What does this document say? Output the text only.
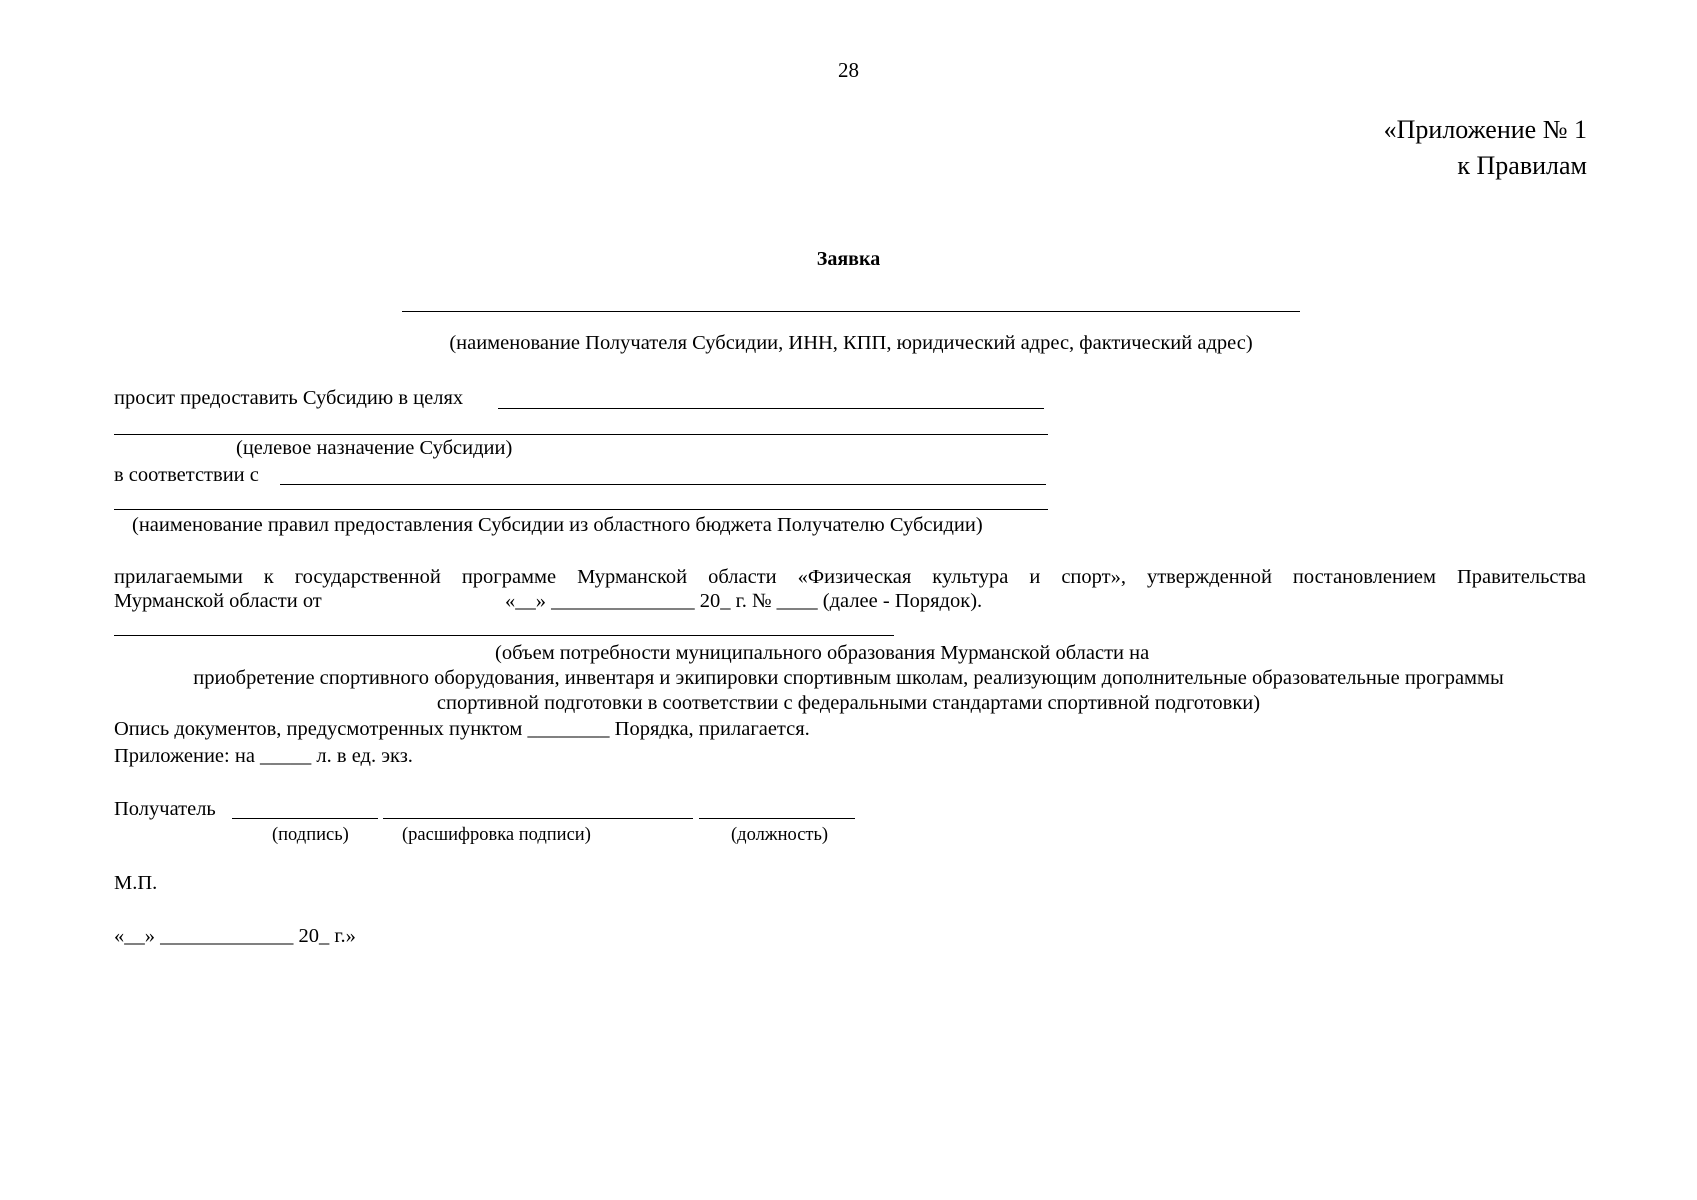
28
«Приложение № 1
к Правилам
Заявка
(наименование Получателя Субсидии, ИНН, КПП, юридический адрес, фактический адрес)
просит предоставить Субсидию в целях
(целевое назначение Субсидии)
в соответствии с
(наименование правил предоставления Субсидии из областного бюджета Получателю Субсидии)
прилагаемыми к государственной программе Мурманской области «Физическая культура и спорт», утвержденной постановлением Правительства
Мурманской области от	«__» ______________ 20_ г. № ____ (далее - Порядок).
(объем потребности муниципального образования Мурманской области на
приобретение спортивного оборудования, инвентаря и экипировки спортивным школам, реализующим дополнительные образовательные программы
спортивной подготовки в соответствии с федеральными стандартами спортивной подготовки)
Опись документов, предусмотренных пунктом ________ Порядка, прилагается.
Приложение: на _____ л. в ед. экз.
Получатель
(подпись)	(расшифровка подписи)	(должность)
М.П.
«__» _____________ 20_ г.»
